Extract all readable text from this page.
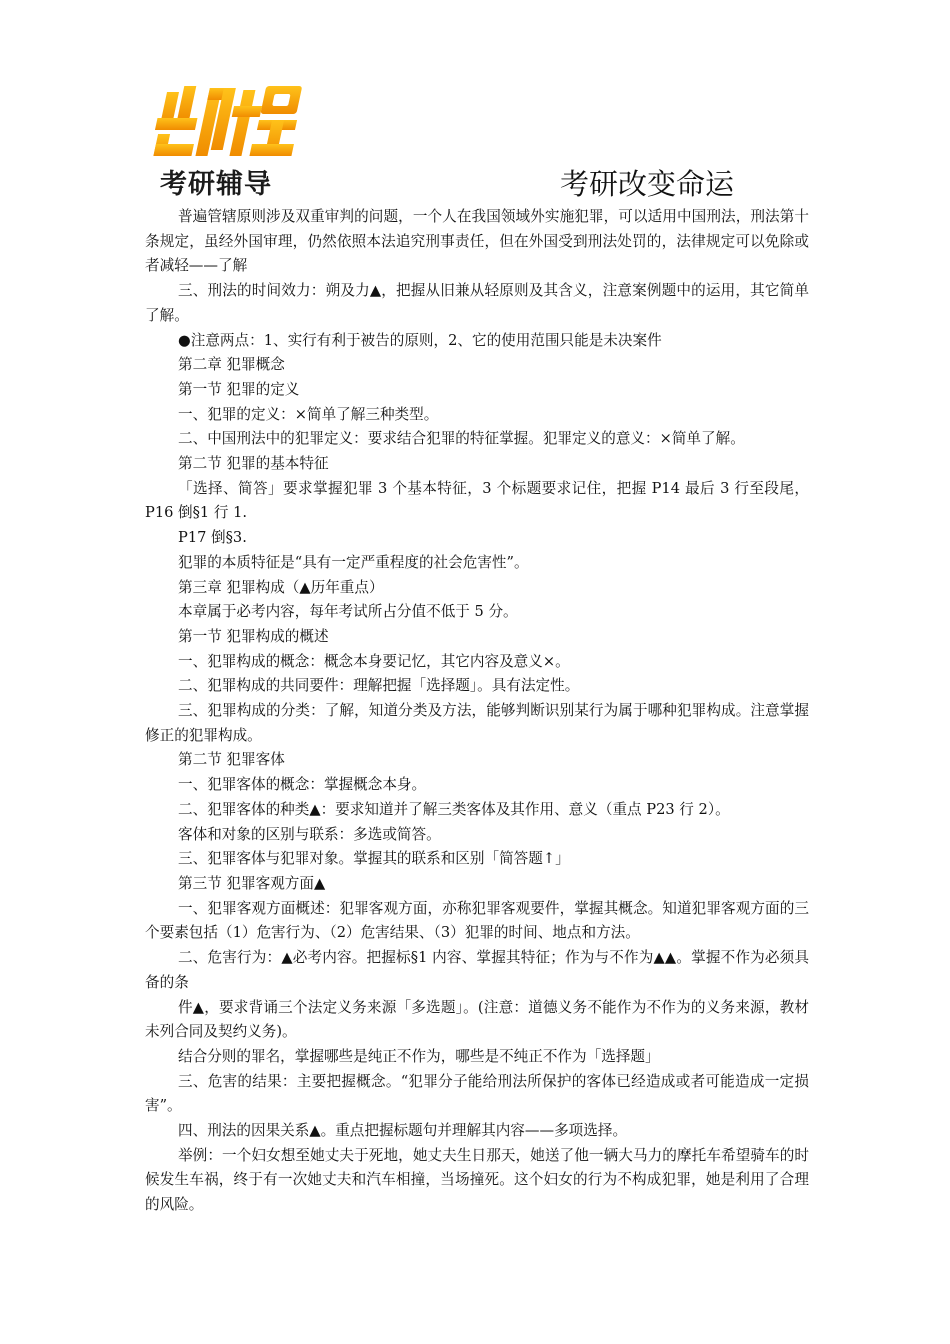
考研辅导	考研改变命运

普遍管辖原则涉及双重审判的问题，一个人在我国领域外实施犯罪，可以适用中国刑法，刑法第十条规定，虽经外国审理，仍然依照本法追究刑事责任，但在外国受到刑法处罚的，法律规定可以免除或者减轻——了解

三、刑法的时间效力：朔及力▲，把握从旧兼从轻原则及其含义，注意案例题中的运用，其它简单了解。

●注意两点：1、实行有利于被告的原则，2、它的使用范围只能是未决案件

第二章 犯罪概念

第一节 犯罪的定义

一、犯罪的定义：×简单了解三种类型。

二、中国刑法中的犯罪定义：要求结合犯罪的特征掌握。犯罪定义的意义：×简单了解。

第二节 犯罪的基本特征

「选择、简答」要求掌握犯罪 3 个基本特征，3 个标题要求记住，把握 P14 最后 3 行至段尾，P16 倒§1 行 1.

P17 倒§3.

犯罪的本质特征是“具有一定严重程度的社会危害性”。

第三章 犯罪构成（▲历年重点）

本章属于必考内容，每年考试所占分值不低于 5 分。

第一节 犯罪构成的概述

一、犯罪构成的概念：概念本身要记忆，其它内容及意义×。

二、犯罪构成的共同要件：理解把握「选择题」。具有法定性。

三、犯罪构成的分类：了解，知道分类及方法，能够判断识别某行为属于哪种犯罪构成。注意掌握修正的犯罪构成。

第二节 犯罪客体

一、犯罪客体的概念：掌握概念本身。

二、犯罪客体的种类▲：要求知道并了解三类客体及其作用、意义（重点 P23 行 2）。

客体和对象的区别与联系：多选或简答。

三、犯罪客体与犯罪对象。掌握其的联系和区别「简答题↑」

第三节 犯罪客观方面▲

一、犯罪客观方面概述：犯罪客观方面，亦称犯罪客观要件，掌握其概念。知道犯罪客观方面的三个要素包括（1）危害行为、（2）危害结果、（3）犯罪的时间、地点和方法。

二、危害行为：▲必考内容。把握标§1 内容、掌握其特征；作为与不作为▲▲。掌握不作为必须具备的条

件▲，要求背诵三个法定义务来源「多选题」。(注意：道德义务不能作为不作为的义务来源，教材未列合同及契约义务)。

结合分则的罪名，掌握哪些是纯正不作为，哪些是不纯正不作为「选择题」

三、危害的结果：主要把握概念。“犯罪分子能给刑法所保护的客体已经造成或者可能造成一定损害”。

四、刑法的因果关系▲。重点把握标题句并理解其内容——多项选择。

举例：一个妇女想至她丈夫于死地，她丈夫生日那天，她送了他一辆大马力的摩托车希望骑车的时候发生车祸，终于有一次她丈夫和汽车相撞，当场撞死。这个妇女的行为不构成犯罪，她是利用了合理的风险。
